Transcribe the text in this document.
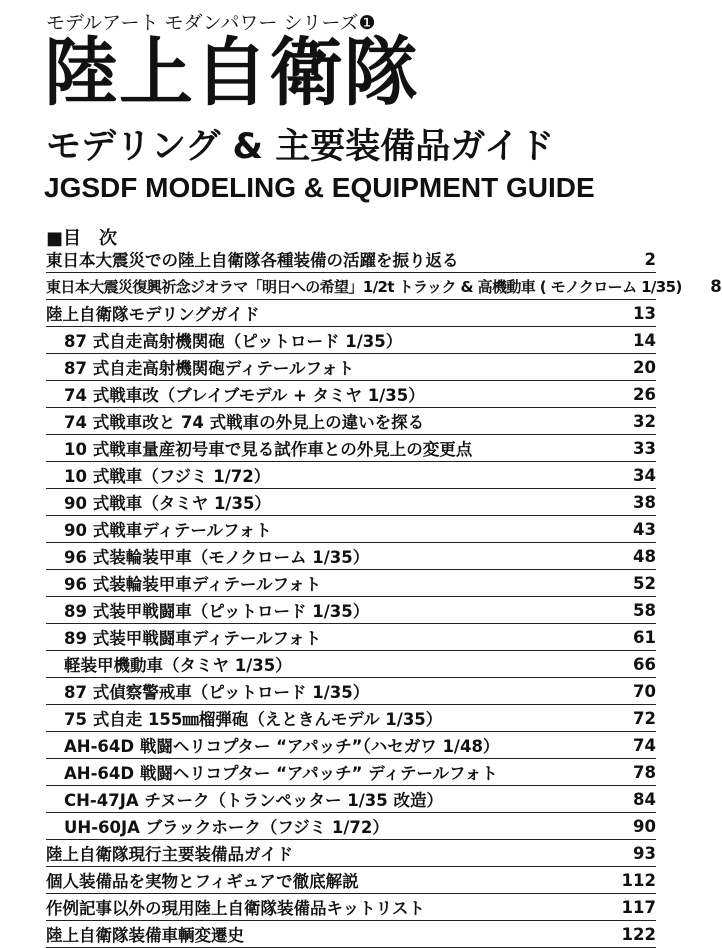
モデルアート モダンパワー シリーズ❶
陸上自衛隊
モデリング & 主要装備品ガイド
JGSDF MODELING & EQUIPMENT GUIDE
■目　次
東日本大震災での陸上自衛隊各種装備の活躍を振り返る	2
東日本大震災復興祈念ジオラマ「明日への希望」1/2t トラック & 高機動車 ( モノクローム 1/35)	8
陸上自衛隊モデリングガイド	13
87 式自走高射機関砲（ピットロード 1/35）	14
87 式自走高射機関砲ディテールフォト	20
74 式戦車改（ブレイブモデル + タミヤ 1/35）	26
74 式戦車改と 74 式戦車の外見上の違いを探る	32
10 式戦車量産初号車で見る試作車との外見上の変更点	33
10 式戦車（フジミ 1/72）	34
90 式戦車（タミヤ 1/35）	38
90 式戦車ディテールフォト	43
96 式装輪装甲車（モノクローム 1/35）	48
96 式装輪装甲車ディテールフォト	52
89 式装甲戦闘車（ピットロード 1/35）	58
89 式装甲戦闘車ディテールフォト	61
軽装甲機動車（タミヤ 1/35）	66
87 式偵察警戒車（ピットロード 1/35）	70
75 式自走 155㎜榴弾砲（えときんモデル 1/35）	72
AH-64D 戦闘ヘリコプター “アパッチ”（ハセガワ 1/48）	74
AH-64D 戦闘ヘリコプター “アパッチ” ディテールフォト	78
CH-47JA チヌーク（トランペッター 1/35 改造）	84
UH-60JA ブラックホーク（フジミ 1/72）	90
陸上自衛隊現行主要装備品ガイド	93
個人装備品を実物とフィギュアで徹底解説	112
作例記事以外の現用陸上自衛隊装備品キットリスト	117
陸上自衛隊装備車輌変遷史	122
